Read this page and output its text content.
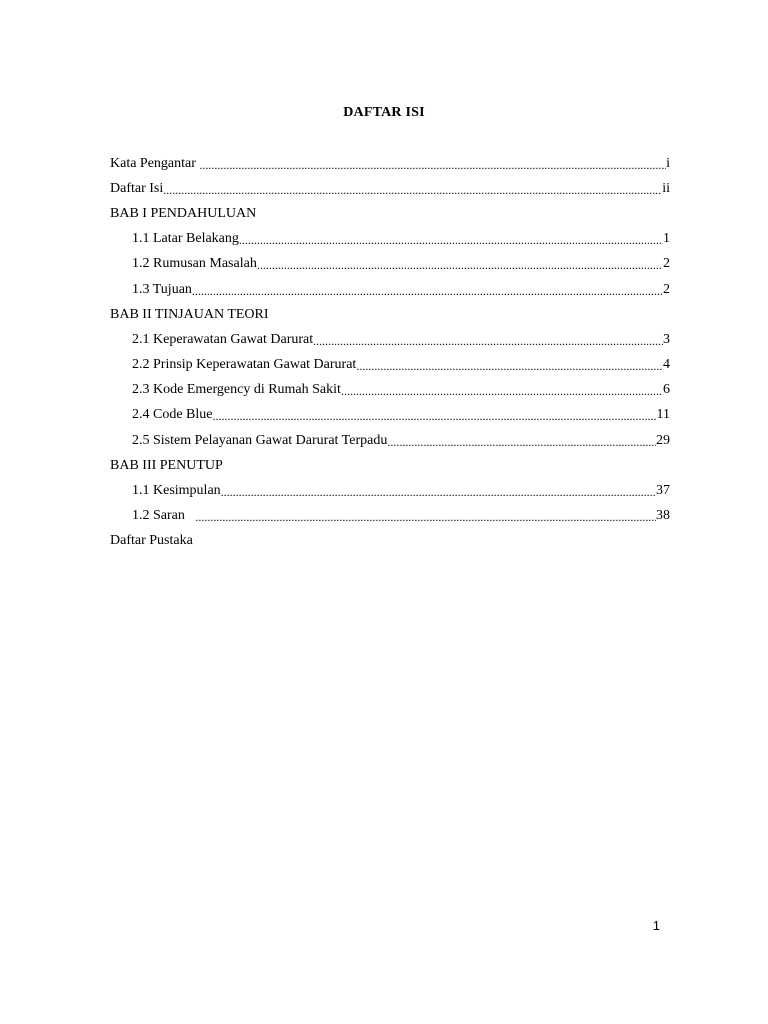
DAFTAR ISI
Kata Pengantar .....	i
Daftar Isi .....	ii
BAB I PENDAHULUAN
1.1 Latar Belakang .....	1
1.2 Rumusan Masalah .....	2
1.3 Tujuan .....	2
BAB II TINJAUAN TEORI
2.1 Keperawatan Gawat Darurat .....	3
2.2 Prinsip Keperawatan Gawat Darurat .....	4
2.3 Kode Emergency di Rumah Sakit .....	6
2.4 Code Blue .....	11
2.5 Sistem Pelayanan Gawat Darurat Terpadu .....	29
BAB III PENUTUP
1.1 Kesimpulan .....	37
1.2 Saran .....	38
Daftar Pustaka
1
